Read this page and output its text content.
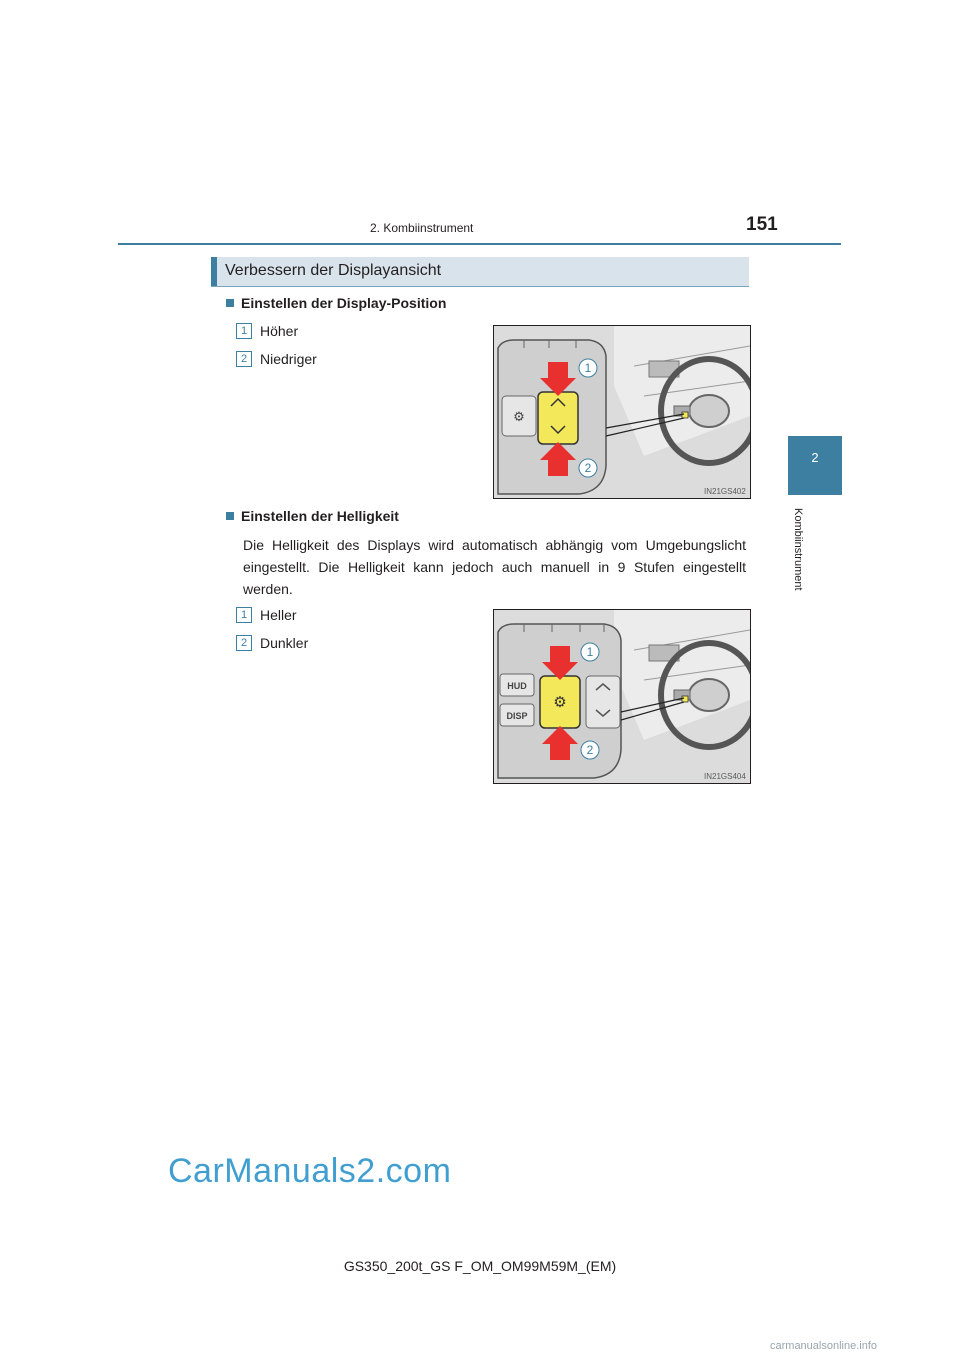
2. Kombiinstrument	151
2
Kombiinstrument
Verbessern der Displayansicht
Einstellen der Display-Position
1 Höher
2 Niedriger
⚙
1
2
IN21GS402
Einstellen der Helligkeit
Die Helligkeit des Displays wird automatisch abhängig vom Umgebungslicht eingestellt. Die Helligkeit kann jedoch auch manuell in 9 Stufen eingestellt werden.
1 Heller
2 Dunkler
HUD
DISP
⚙
1
2
IN21GS404
CarManuals2.com
GS350_200t_GS F_OM_OM99M59M_(EM)
carmanualsonline.info
